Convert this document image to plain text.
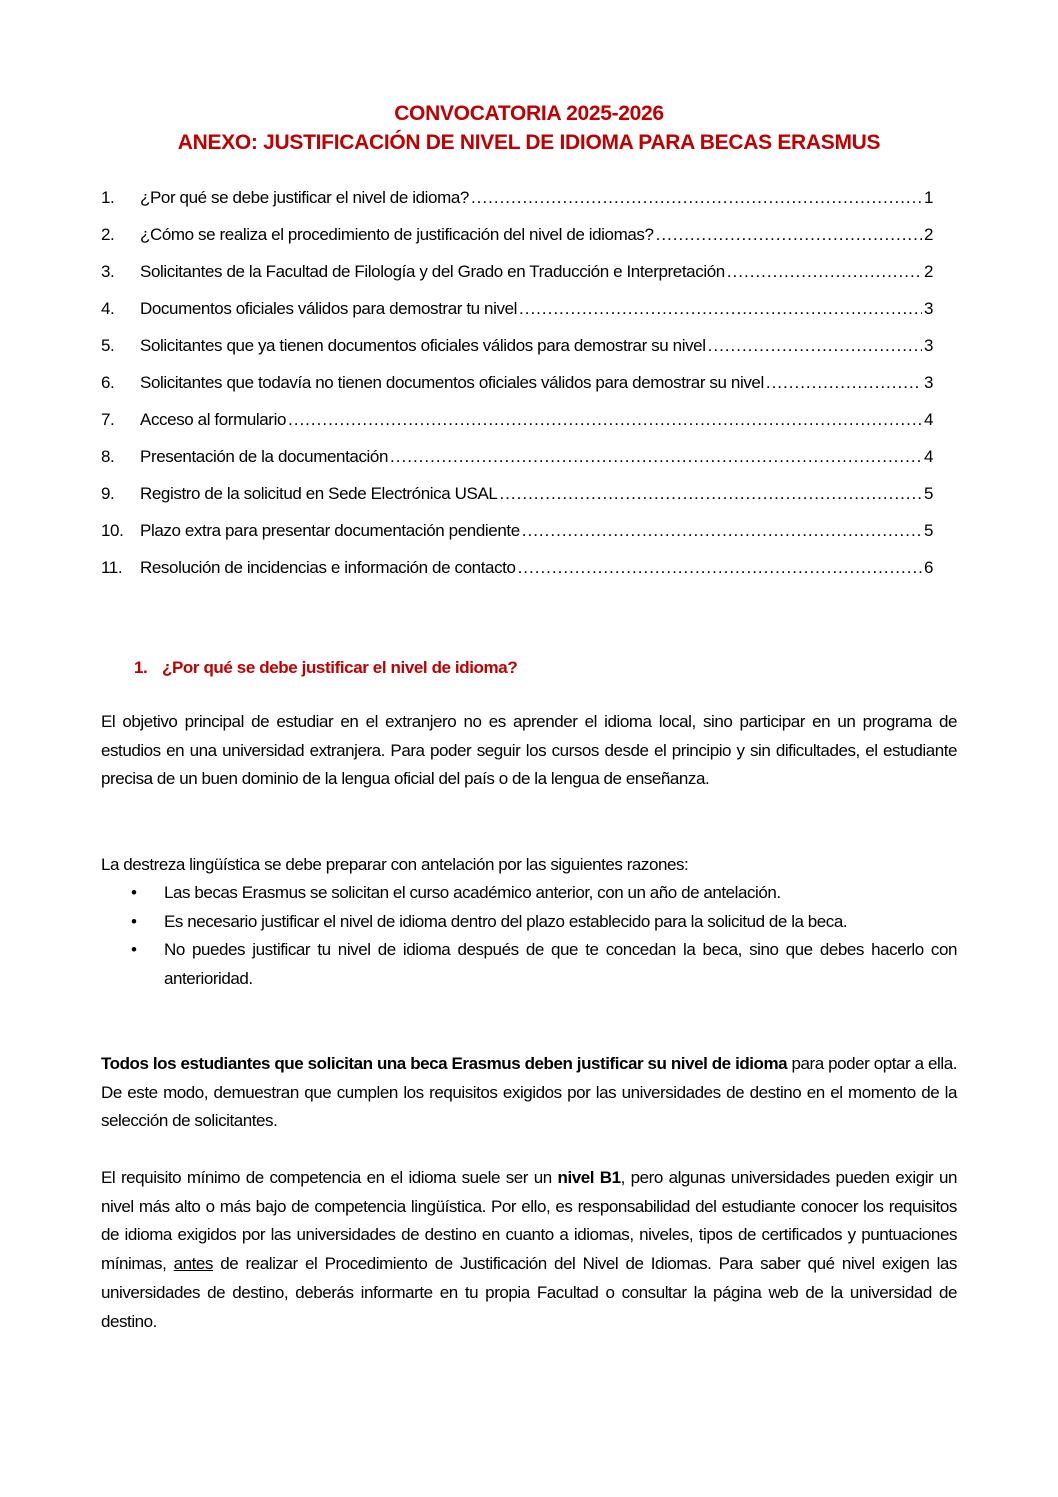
CONVOCATORIA 2025-2026
ANEXO: JUSTIFICACIÓN DE NIVEL DE IDIOMA PARA BECAS ERASMUS
1.	¿Por qué se debe justificar el nivel de idioma? .....	1
2.	¿Cómo se realiza el procedimiento de justificación del nivel de idiomas? .....	2
3.	Solicitantes de la Facultad de Filología y del Grado en Traducción e Interpretación .....	2
4.	Documentos oficiales válidos para demostrar tu nivel .....	3
5.	Solicitantes que ya tienen documentos oficiales válidos para demostrar su nivel .....	3
6.	Solicitantes que todavía no tienen documentos oficiales válidos para demostrar su nivel .....	3
7.	Acceso al formulario .....	4
8.	Presentación de la documentación .....	4
9.	Registro de la solicitud en Sede Electrónica USAL .....	5
10. Plazo extra para presentar documentación pendiente .....	5
11.	Resolución de incidencias e información de contacto .....	6
1. ¿Por qué se debe justificar el nivel de idioma?
El objetivo principal de estudiar en el extranjero no es aprender el idioma local, sino participar en un programa de estudios en una universidad extranjera. Para poder seguir los cursos desde el principio y sin dificultades, el estudiante precisa de un buen dominio de la lengua oficial del país o de la lengua de enseñanza.
La destreza lingüística se debe preparar con antelación por las siguientes razones:
•	Las becas Erasmus se solicitan el curso académico anterior, con un año de antelación.
•	Es necesario justificar el nivel de idioma dentro del plazo establecido para la solicitud de la beca.
•	No puedes justificar tu nivel de idioma después de que te concedan la beca, sino que debes hacerlo con anterioridad.
Todos los estudiantes que solicitan una beca Erasmus deben justificar su nivel de idioma para poder optar a ella. De este modo, demuestran que cumplen los requisitos exigidos por las universidades de destino en el momento de la selección de solicitantes.
El requisito mínimo de competencia en el idioma suele ser un nivel B1, pero algunas universidades pueden exigir un nivel más alto o más bajo de competencia lingüística. Por ello, es responsabilidad del estudiante conocer los requisitos de idioma exigidos por las universidades de destino en cuanto a idiomas, niveles, tipos de certificados y puntuaciones mínimas, antes de realizar el Procedimiento de Justificación del Nivel de Idiomas. Para saber qué nivel exigen las universidades de destino, deberás informarte en tu propia Facultad o consultar la página web de la universidad de destino.
